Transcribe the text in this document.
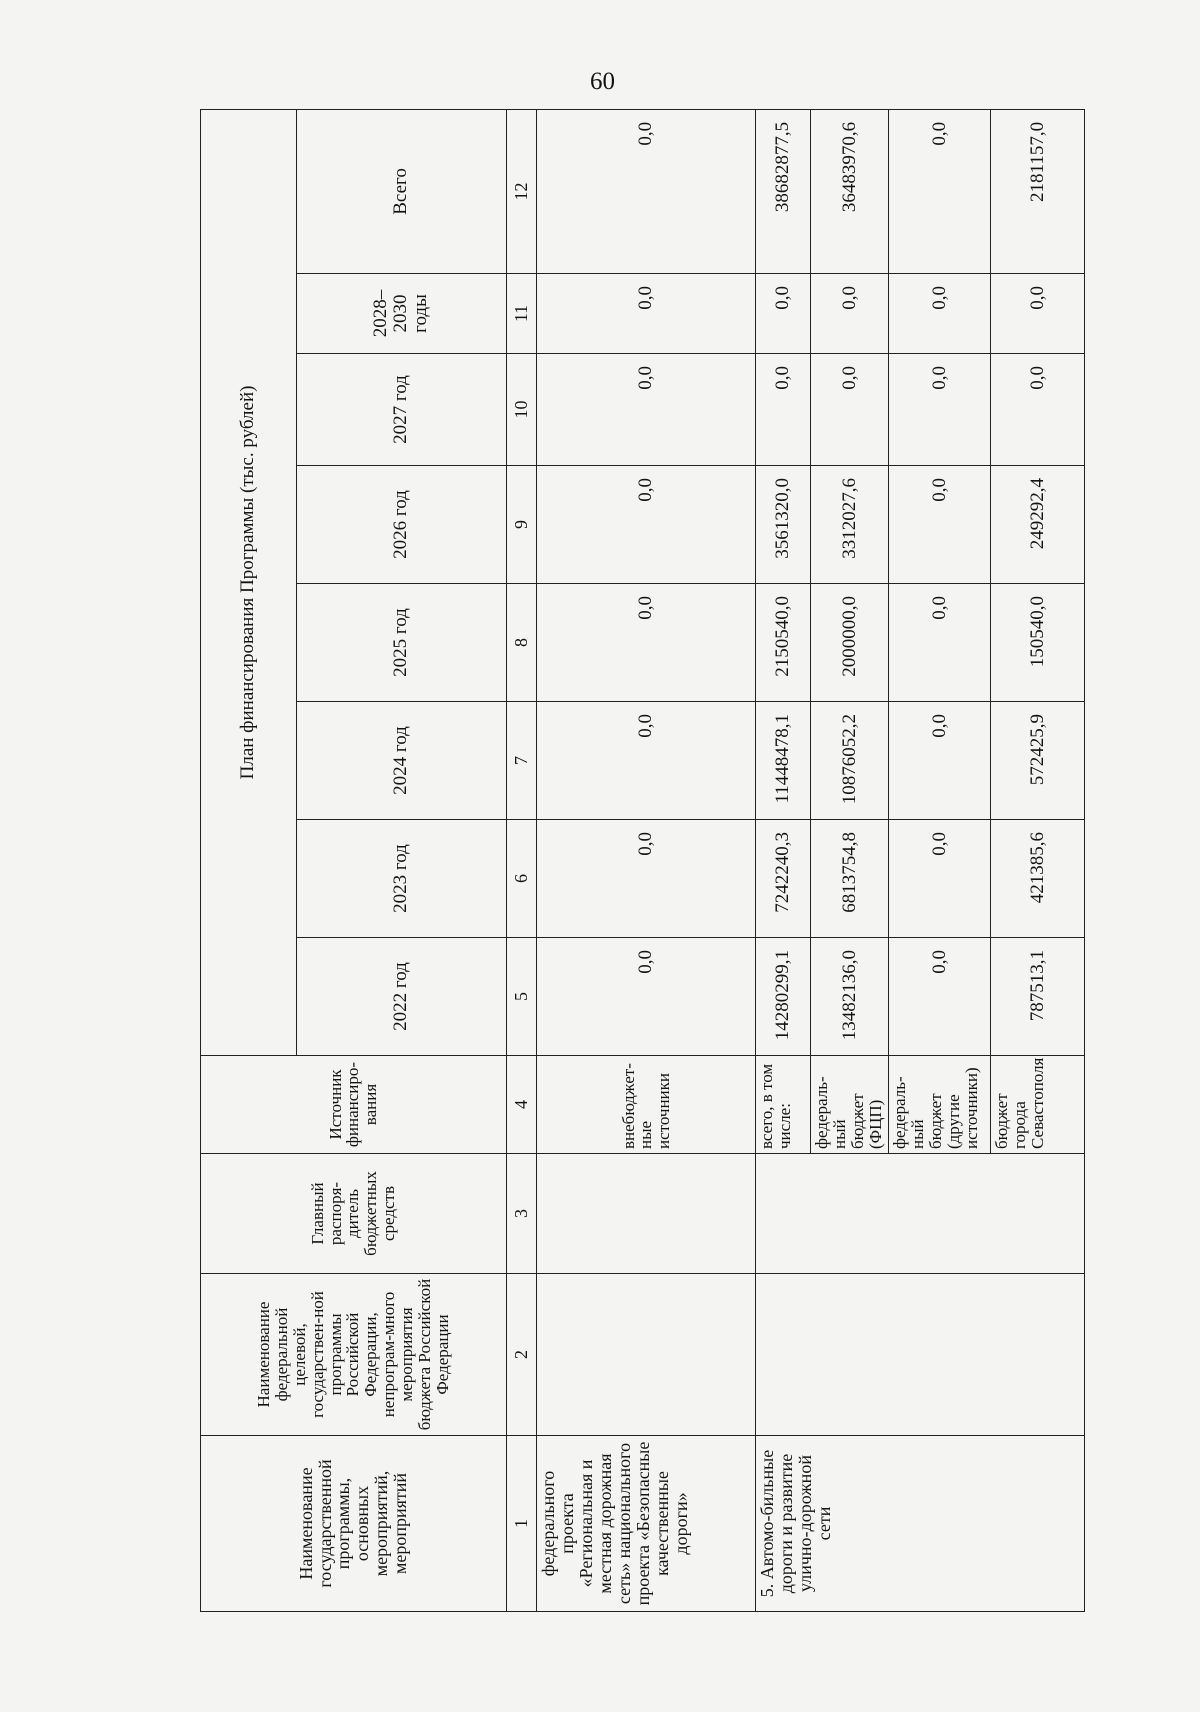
60
Наименование государственной программы, основных мероприятий, мероприятий	Наименование федеральной целевой, государствен-ной программы Российской Федерации, непрограм-много мероприятия бюджета Российской Федерации	Главный распоря-дитель бюджетных средств	Источник финансиро-вания	План финансирования Программы (тыс. рублей)							
				2022 год	2023 год	2024 год	2025 год	2026 год	2027 год	2028–2030 годы	Всего
1	2	3	4	5	6	7	8	9	10	11	12
федерального проекта «Региональная и местная дорожная сеть» национального проекта «Безопасные качественные дороги»			внебюджет-ные источники	0,0	0,0	0,0	0,0	0,0	0,0	0,0	0,0
5. Автомо-бильные дороги и развитие улично-дорожной сети			всего, в том числе:	14280299,1	7242240,3	11448478,1	2150540,0	3561320,0	0,0	0,0	38682877,5
			федераль-ный бюджет (ФЦП)	13482136,0	6813754,8	10876052,2	2000000,0	3312027,6	0,0	0,0	36483970,6
			федераль-ный бюджет (другие источники)	0,0	0,0	0,0	0,0	0,0	0,0	0,0	0,0
			бюджет города Севастополя	787513,1	421385,6	572425,9	150540,0	249292,4	0,0	0,0	2181157,0
